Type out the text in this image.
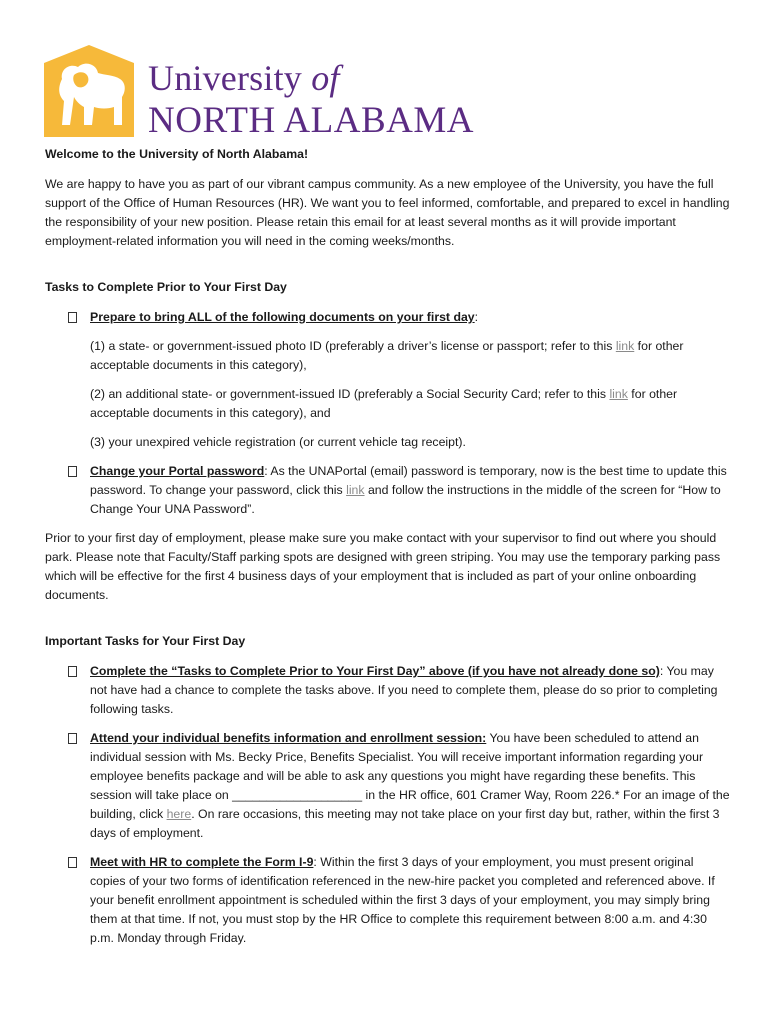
University of
NORTH ALABAMA

Welcome to the University of North Alabama!

We are happy to have you as part of our vibrant campus community. As a new employee of the University, you have the full support of the Office of Human Resources (HR). We want you to feel informed, comfortable, and prepared to excel in handling the responsibility of your new position. Please retain this email for at least several months as it will provide important employment-related information you will need in the coming weeks/months.

Tasks to Complete Prior to Your First Day

Prepare to bring ALL of the following documents on your first day:

(1) a state- or government-issued photo ID (preferably a driver’s license or passport; refer to this link for other acceptable documents in this category),

(2) an additional state- or government-issued ID (preferably a Social Security Card; refer to this link for other acceptable documents in this category), and

(3) your unexpired vehicle registration (or current vehicle tag receipt).

Change your Portal password: As the UNAPortal (email) password is temporary, now is the best time to update this password. To change your password, click this link and follow the instructions in the middle of the screen for “How to Change Your UNA Password”.

Prior to your first day of employment, please make sure you make contact with your supervisor to find out where you should park. Please note that Faculty/Staff parking spots are designed with green striping. You may use the temporary parking pass which will be effective for the first 4 business days of your employment that is included as part of your online onboarding documents.

Important Tasks for Your First Day

Complete the “Tasks to Complete Prior to Your First Day” above (if you have not already done so): You may not have had a chance to complete the tasks above. If you need to complete them, please do so prior to completing following tasks.
Attend your individual benefits information and enrollment session: You have been scheduled to attend an individual session with Ms. Becky Price, Benefits Specialist. You will receive important information regarding your employee benefits package and will be able to ask any questions you might have regarding these benefits. This session will take place on ___________________ in the HR office, 601 Cramer Way, Room 226.* For an image of the building, click here. On rare occasions, this meeting may not take place on your first day but, rather, within the first 3 days of employment.
Meet with HR to complete the Form I-9: Within the first 3 days of your employment, you must present original copies of your two forms of identification referenced in the new-hire packet you completed and referenced above. If your benefit enrollment appointment is scheduled within the first 3 days of your employment, you may simply bring them at that time. If not, you must stop by the HR Office to complete this requirement between 8:00 a.m. and 4:30 p.m. Monday through Friday.
